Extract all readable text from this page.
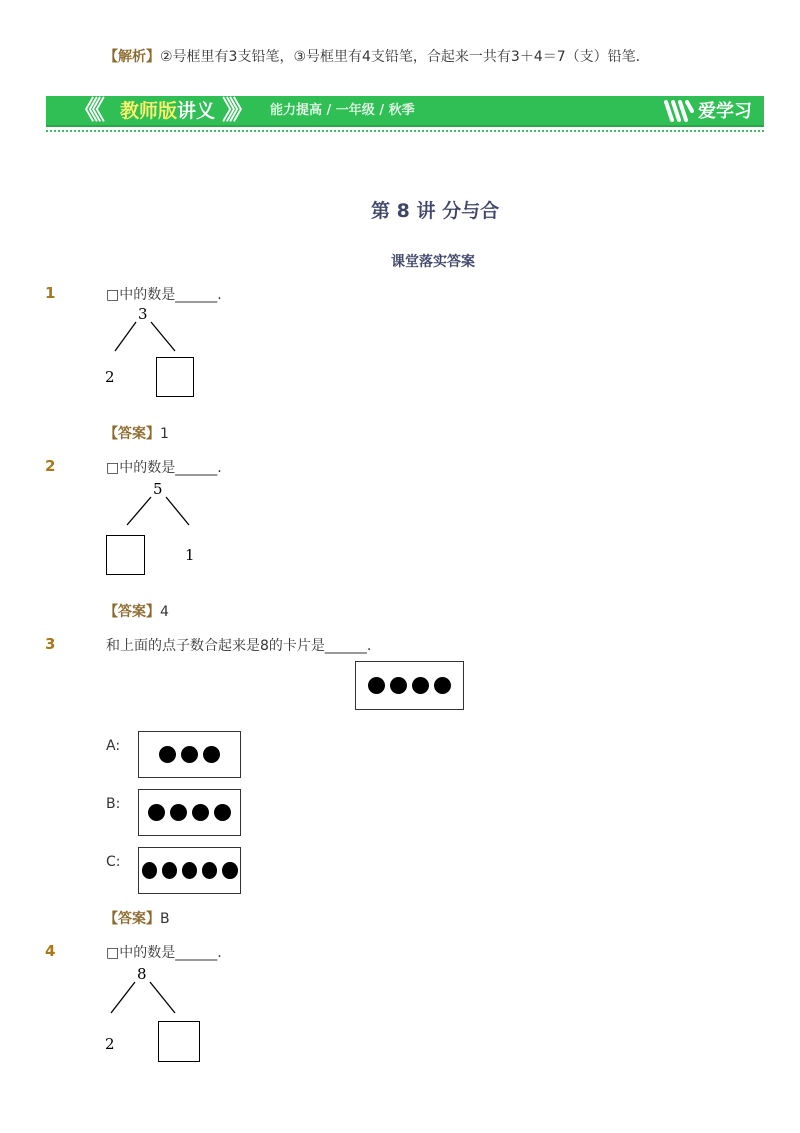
【解析】②号框里有3支铅笔，③号框里有4支铅笔，合起来一共有3＋4＝7（支）铅笔．
《《 教师版讲义 》》 能力提高 / 一年级 / 秋季	爱学习
第 8 讲 分与合
课堂落实答案
1	□中的数是______.
3
2
【答案】1
2	□中的数是______.
5
1
【答案】4
3	和上面的点子数合起来是8的卡片是______.
A:
B:
C:
【答案】B
4	□中的数是______.
8
2
